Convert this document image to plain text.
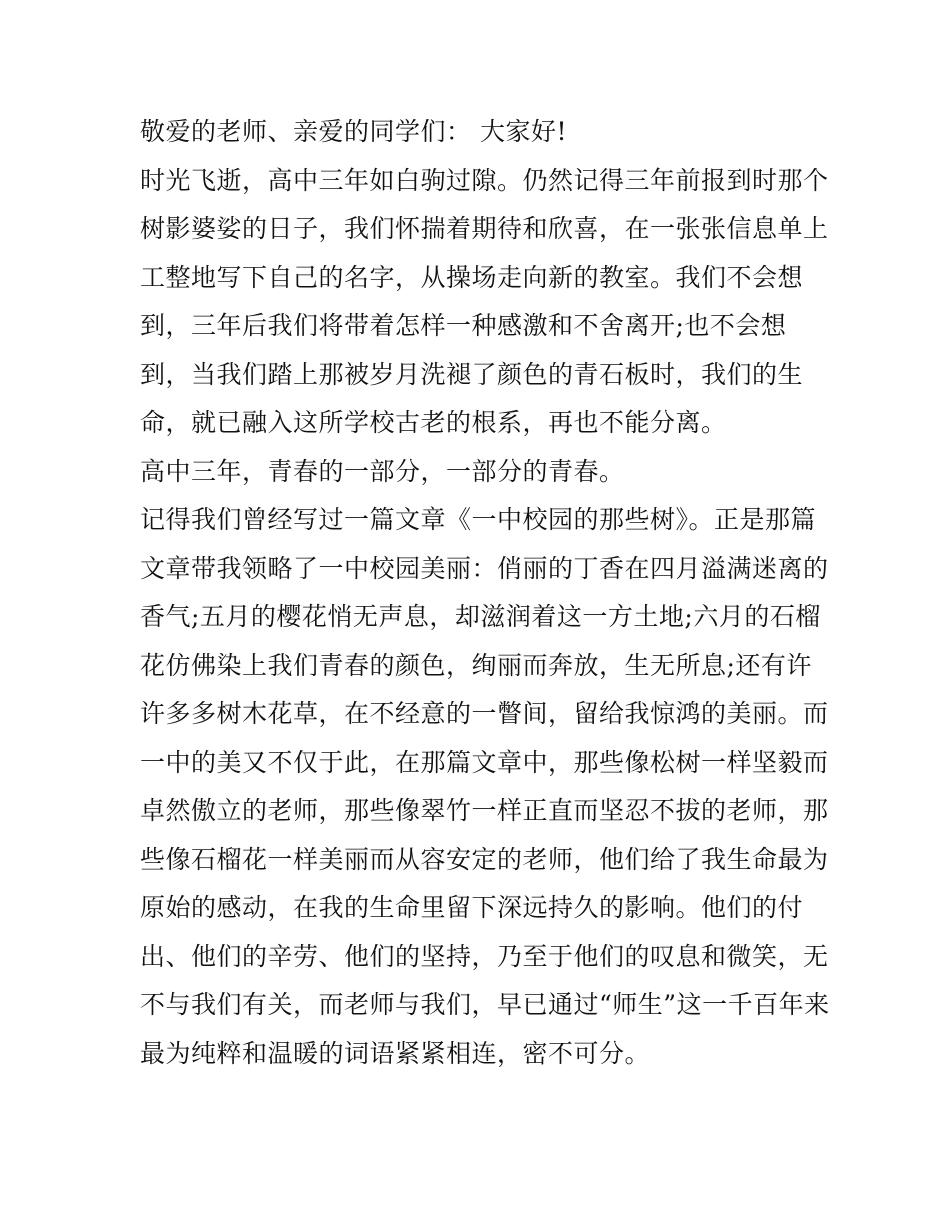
敬爱的老师、亲爱的同学们： 大家好!
时光飞逝，高中三年如白驹过隙。仍然记得三年前报到时那个
树影婆娑的日子，我们怀揣着期待和欣喜，在一张张信息单上
工整地写下自己的名字，从操场走向新的教室。我们不会想
到，三年后我们将带着怎样一种感激和不舍离开;也不会想
到，当我们踏上那被岁月洗褪了颜色的青石板时，我们的生
命，就已融入这所学校古老的根系，再也不能分离。
高中三年，青春的一部分，一部分的青春。
记得我们曾经写过一篇文章《一中校园的那些树》。正是那篇
文章带我领略了一中校园美丽：俏丽的丁香在四月溢满迷离的
香气;五月的樱花悄无声息，却滋润着这一方土地;六月的石榴
花仿佛染上我们青春的颜色，绚丽而奔放，生无所息;还有许
许多多树木花草，在不经意的一瞥间，留给我惊鸿的美丽。而
一中的美又不仅于此，在那篇文章中，那些像松树一样坚毅而
卓然傲立的老师，那些像翠竹一样正直而坚忍不拔的老师，那
些像石榴花一样美丽而从容安定的老师，他们给了我生命最为
原始的感动，在我的生命里留下深远持久的影响。他们的付
出、他们的辛劳、他们的坚持，乃至于他们的叹息和微笑，无
不与我们有关，而老师与我们，早已通过“师生”这一千百年来
最为纯粹和温暖的词语紧紧相连，密不可分。
